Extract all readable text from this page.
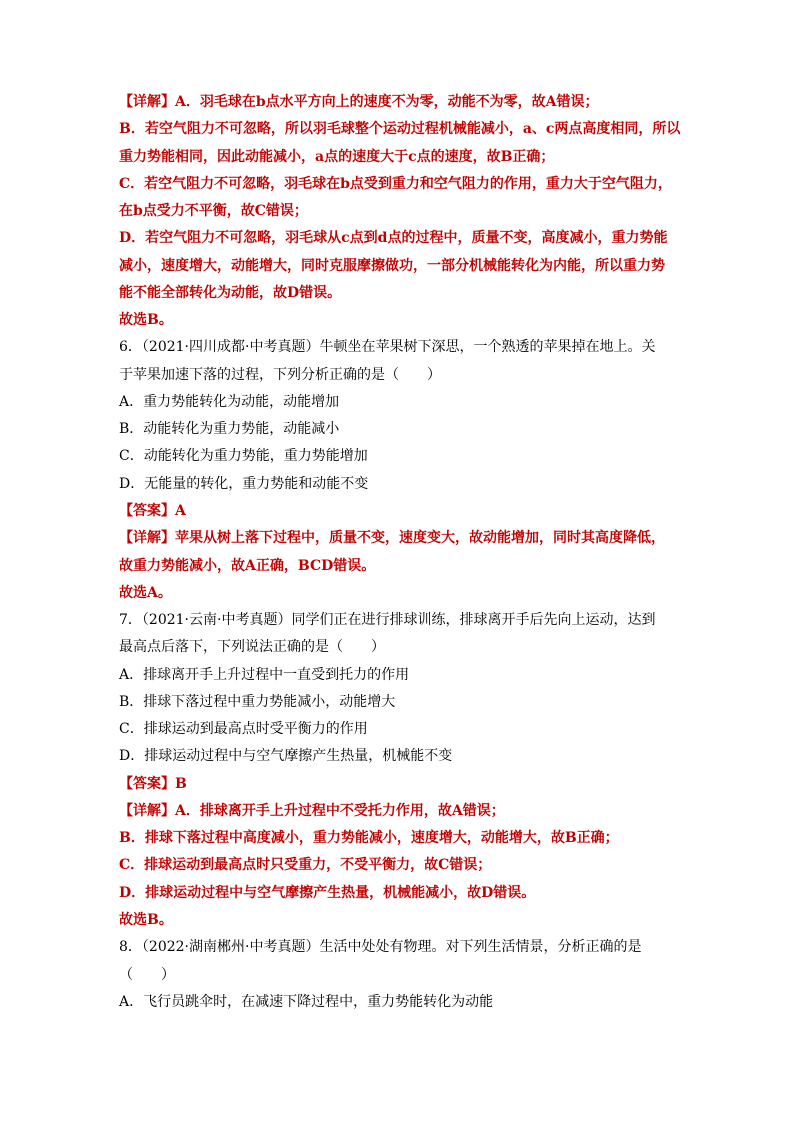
【详解】A．羽毛球在b点水平方向上的速度不为零，动能不为零，故A错误；
B．若空气阻力不可忽略，所以羽毛球整个运动过程机械能减小，a、c两点高度相同，所以
重力势能相同，因此动能减小，a点的速度大于c点的速度，故B正确；
C．若空气阻力不可忽略，羽毛球在b点受到重力和空气阻力的作用，重力大于空气阻力，
在b点受力不平衡，故C错误；
D．若空气阻力不可忽略，羽毛球从c点到d点的过程中，质量不变，高度减小，重力势能
减小，速度增大，动能增大，同时克服摩擦做功，一部分机械能转化为内能，所以重力势
能不能全部转化为动能，故D错误。
故选B。
6．（2021·四川成都·中考真题）牛顿坐在苹果树下深思，一个熟透的苹果掉在地上。关
于苹果加速下落的过程，下列分析正确的是（　　）
A．重力势能转化为动能，动能增加
B．动能转化为重力势能，动能减小
C．动能转化为重力势能，重力势能增加
D．无能量的转化，重力势能和动能不变
【答案】A
【详解】苹果从树上落下过程中，质量不变，速度变大，故动能增加，同时其高度降低，
故重力势能减小，故A正确，BCD错误。
故选A。
7．（2021·云南·中考真题）同学们正在进行排球训练，排球离开手后先向上运动，达到
最高点后落下，下列说法正确的是（　　）
A．排球离开手上升过程中一直受到托力的作用
B．排球下落过程中重力势能减小，动能增大
C．排球运动到最高点时受平衡力的作用
D．排球运动过程中与空气摩擦产生热量，机械能不变
【答案】B
【详解】A．排球离开手上升过程中不受托力作用，故A错误；
B．排球下落过程中高度减小，重力势能减小，速度增大，动能增大，故B正确；
C．排球运动到最高点时只受重力，不受平衡力，故C错误；
D．排球运动过程中与空气摩擦产生热量，机械能减小，故D错误。
故选B。
8．（2022·湖南郴州·中考真题）生活中处处有物理。对下列生活情景，分析正确的是
（　　）
A．飞行员跳伞时，在减速下降过程中，重力势能转化为动能
